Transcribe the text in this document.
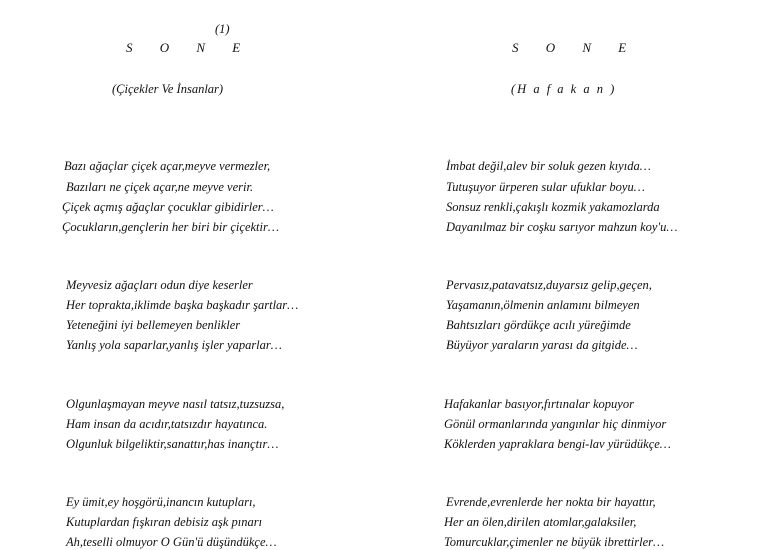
(1)
S O N E
(Çiçekler Ve İnsanlar)
Bazı ağaçlar çiçek açar,meyve vermezler,
Bazıları ne çiçek açar,ne meyve verir.
Çiçek açmış ağaçlar çocuklar gibidirler…
Çocukların,gençlerin her biri bir çiçektir…
Meyvesiz ağaçları odun diye keserler
Her toprakta,iklimde başka başkadır şartlar…
Yeteneğini iyi bellemeyen benlikler
Yanlış yola saparlar,yanlış işler yaparlar…
Olgunlaşmayan meyve nasıl tatsız,tuzsuzsa,
Ham insan da acıdır,tatsızdır hayatınca.
Olgunluk bilgeliktir,sanattır,has inançtır…
Ey ümit,ey hoşgörü,inancın kutupları,
Kutuplardan fışkıran debisiz aşk pınarı
Ah,teselli olmuyor O Gün'ü düşündükçe…
S O N E
(H a f a k a n )
İmbat değil,alev bir soluk gezen kıyıda…
Tutuşuyor ürperen sular ufuklar boyu…
Sonsuz renkli,çakışlı kozmik yakamozlarda
Dayanılmaz bir coşku sarıyor mahzun koy'u…
Pervasız,patavatsız,duyarsız gelip,geçen,
Yaşamanın,ölmenin anlamını bilmeyen
Bahtsızları gördükçe acılı yüreğimde
Büyüyor yaraların yarası da gitgide…
Hafakanlar basıyor,fırtınalar kopuyor
Gönül ormanlarında yangınlar hiç dinmiyor
Köklerden yapraklara bengi-lav yürüdükçe…
Evrende,evrenlerde her nokta bir hayattır,
Her an ölen,dirilen atomlar,galaksiler,
Tomurcuklar,çimenler ne büyük ibrettirler…
